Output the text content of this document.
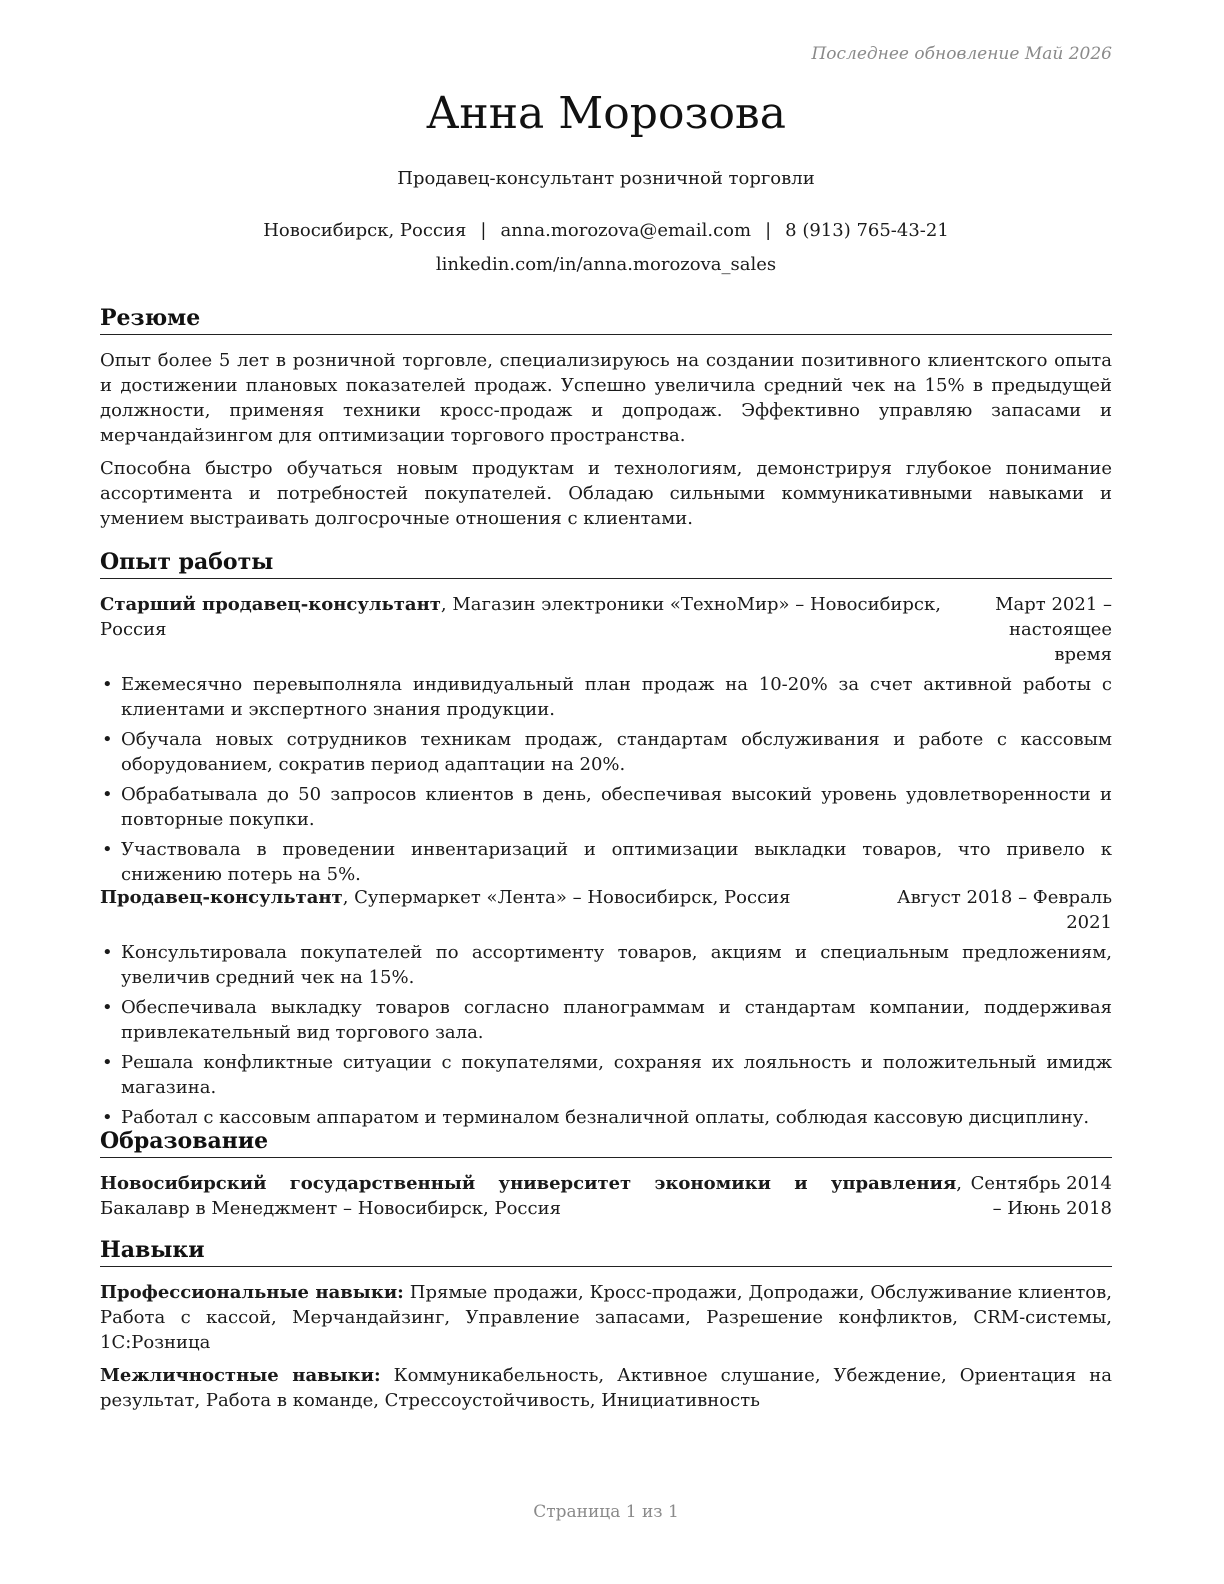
Последнее обновление Май 2026
Анна Морозова
Продавец-консультант розничной торговли
Новосибирск, Россия | anna.morozova@email.com | 8 (913) 765-43-21
linkedin.com/in/anna.morozova_sales
Резюме

Опыт более 5 лет в розничной торговле, специализируюсь на создании позитивного клиентского опыта и достижении плановых показателей продаж. Успешно увеличила средний чек на 15% в предыдущей должности, применяя техники кросс-продаж и допродаж. Эффективно управляю запасами и мерчандайзингом для оптимизации торгового пространства.

Способна быстро обучаться новым продуктам и технологиям, демонстрируя глубокое понимание ассортимента и потребностей покупателей. Обладаю сильными коммуникативными навыками и умением выстраивать долгосрочные отношения с клиентами.

Опыт работы
Старший продавец-консультант, Магазин электроники «ТехноМир» – Новосибирск, Россия
Март 2021 – настоящее время
• Ежемесячно перевыполняла индивидуальный план продаж на 10-20% за счет активной работы с клиентами и экспертного знания продукции.
• Обучала новых сотрудников техникам продаж, стандартам обслуживания и работе с кассовым оборудованием, сократив период адаптации на 20%.
• Обрабатывала до 50 запросов клиентов в день, обеспечивая высокий уровень удовлетворенности и повторные покупки.
• Участвовала в проведении инвентаризаций и оптимизации выкладки товаров, что привело к снижению потерь на 5%.
Продавец-консультант, Супермаркет «Лента» – Новосибирск, Россия	Август 2018 – Февраль 2021
• Консультировала покупателей по ассортименту товаров, акциям и специальным предложениям, увеличив средний чек на 15%.
• Обеспечивала выкладку товаров согласно планограммам и стандартам компании, поддерживая привлекательный вид торгового зала.
• Решала конфликтные ситуации с покупателями, сохраняя их лояльность и положительный имидж магазина.
• Работал с кассовым аппаратом и терминалом безналичной оплаты, соблюдая кассовую дисциплину.
Образование
Новосибирский государственный университет экономики и управления, Бакалавр в Менеджмент – Новосибирск, Россия
Сентябрь 2014 – Июнь 2018
Навыки

Профессиональные навыки: Прямые продажи, Кросс-продажи, Допродажи, Обслуживание клиентов, Работа с кассой, Мерчандайзинг, Управление запасами, Разрешение конфликтов, CRM-системы, 1С:Розница

Межличностные навыки: Коммуникабельность, Активное слушание, Убеждение, Ориентация на результат, Работа в команде, Стрессоустойчивость, Инициативность

Страница 1 из 1
